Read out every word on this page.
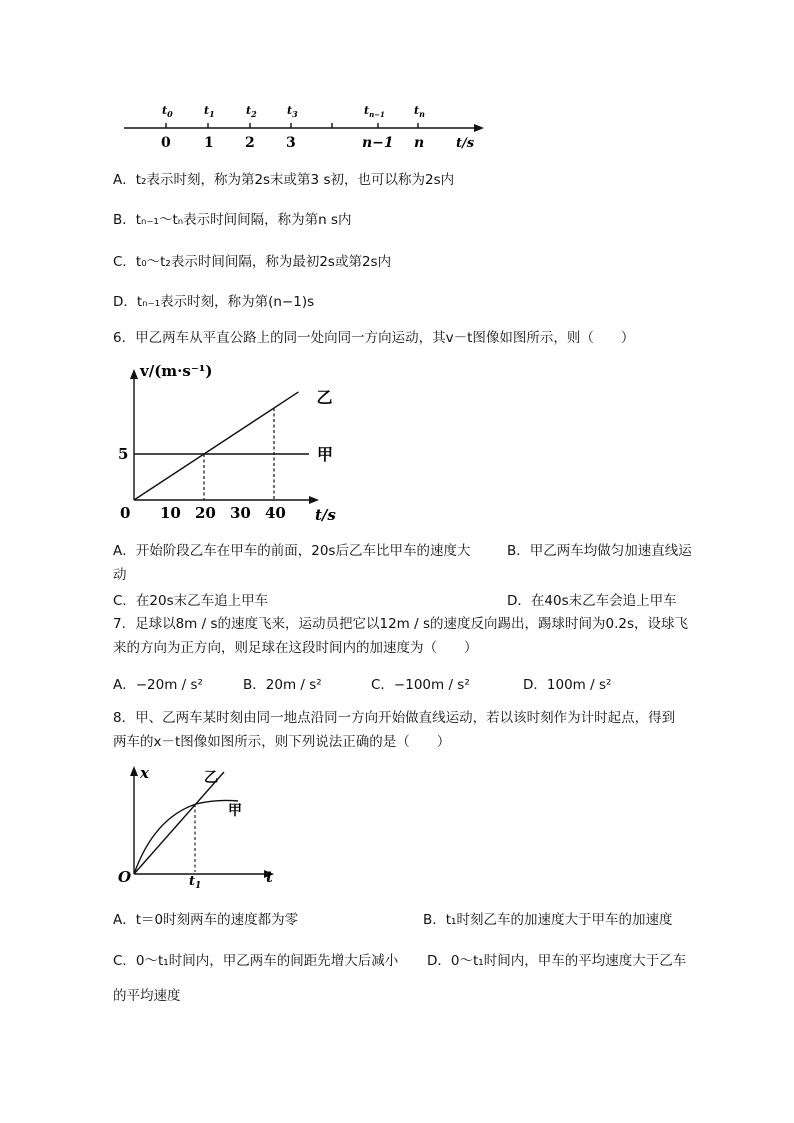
$t_0$	$t_1$	$t_2$	$t_3$	$t_{n-1}$	$t_n$
0 1 2 3	n−1 n t/s
A．t₂表示时刻，称为第2s末或第3 s初，也可以称为2s内
B．tₙ₋₁～tₙ表示时间间隔，称为第n s内
C．t₀～t₂表示时间间隔，称为最初2s或第2s内
D．tₙ₋₁表示时刻，称为第(n−1)s
6．甲乙两车从平直公路上的同一处向同一方向运动，其v－t图像如图所示，则（　　）
0 10 20 30 40
5
v/(m·s⁻¹)
t/s
乙
甲
A．开始阶段乙车在甲车的前面，20s后乙车比甲车的速度大	B．甲乙两车均做匀加速直线运
动
C．在20s末乙车追上甲车	D．在40s末乙车会追上甲车
7．足球以8m / s的速度飞来，运动员把它以12m / s的速度反向踢出，踢球时间为0.2s，设球飞
来的方向为正方向，则足球在这段时间内的加速度为（　　）
A．−20m / s²	B．20m / s²	C．−100m / s²	D．100m / s²
8．甲、乙两车某时刻由同一地点沿同一方向开始做直线运动，若以该时刻作为计时起点，得到
两车的x－t图像如图所示，则下列说法正确的是（　　）
x	乙
甲
O	$t_1$	t
A．t＝0时刻两车的速度都为零	B．t₁时刻乙车的加速度大于甲车的加速度
C．0～t₁时间内，甲乙两车的间距先增大后减小 D．0～t₁时间内，甲车的平均速度大于乙车
的平均速度
